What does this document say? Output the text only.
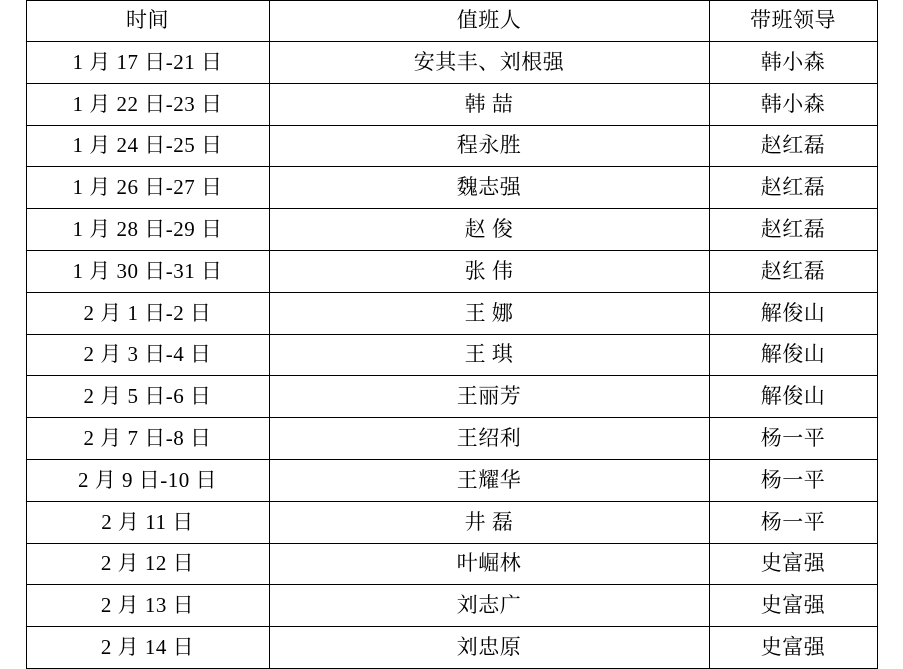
时间	值班人	带班领导

1 月 17 日-21 日	安其丰、刘根强	韩小森

1 月 22 日-23 日	韩 喆	韩小森

1 月 24 日-25 日	程永胜	赵红磊

1 月 26 日-27 日	魏志强	赵红磊

1 月 28 日-29 日	赵 俊	赵红磊

1 月 30 日-31 日	张 伟	赵红磊

2 月 1 日-2 日	王 娜	解俊山

2 月 3 日-4 日	王 琪	解俊山

2 月 5 日-6 日	王丽芳	解俊山

2 月 7 日-8 日	王绍利	杨一平

2 月 9 日-10 日	王耀华	杨一平

2 月 11 日	井 磊	杨一平

2 月 12 日	叶崛林	史富强

2 月 13 日	刘志广	史富强

2 月 14 日	刘忠原	史富强
